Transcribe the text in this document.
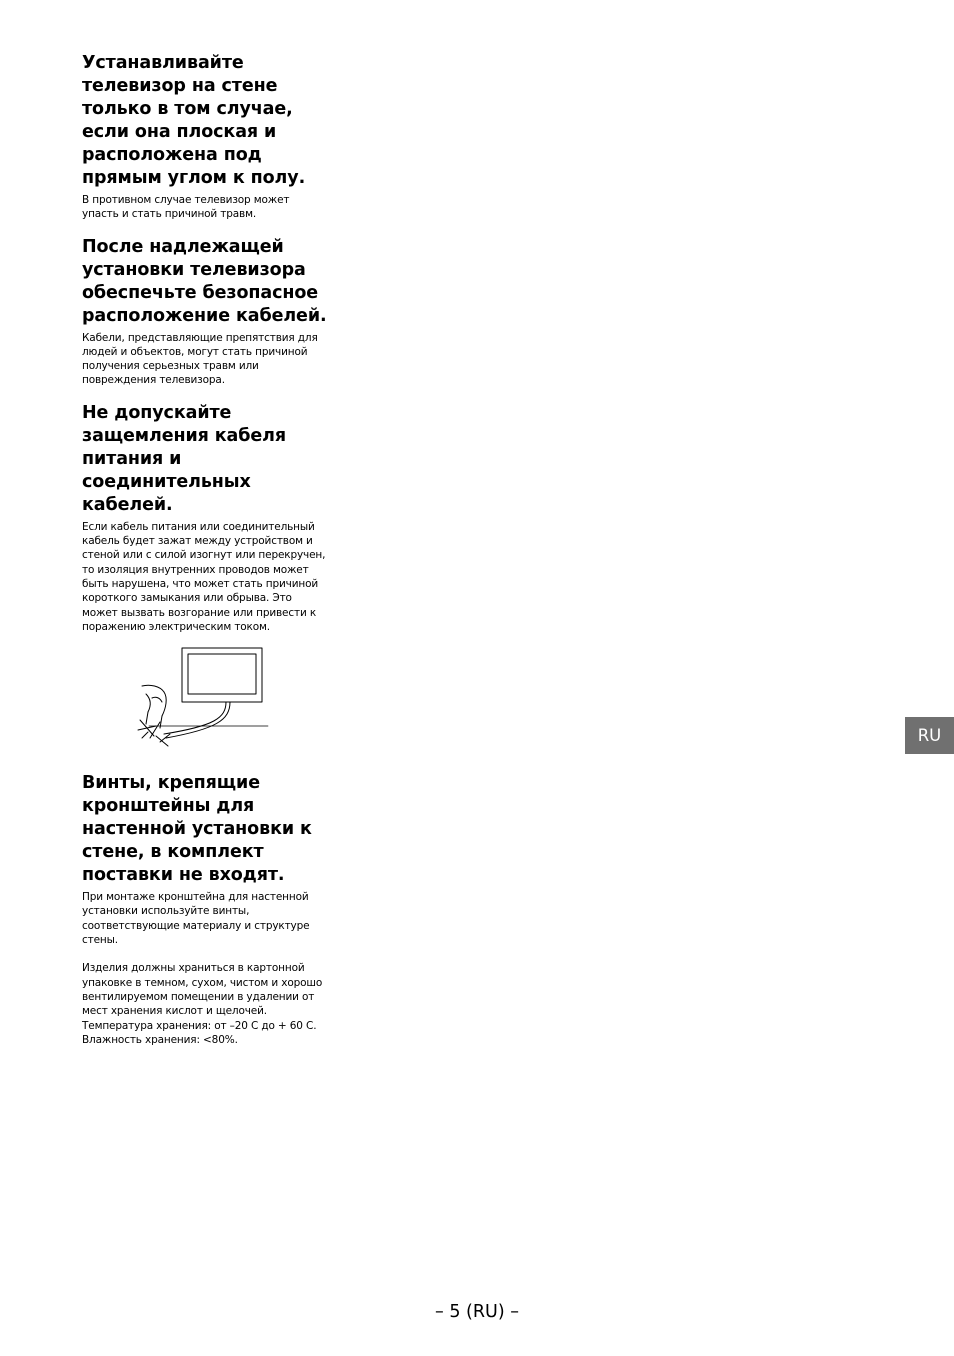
Устанавливайте телевизор на стене только в том случае, если она плоская и расположена под прямым углом к полу.

В противном случае телевизор может упасть и стать причиной травм.

После надлежащей установки телевизора обеспечьте безопасное расположение кабелей.

Кабели, представляющие препятствия для людей и объектов, могут стать причиной получения серьезных травм или повреждения телевизора.

Не допускайте защемления кабеля питания и соединительных кабелей.

Если кабель питания или соединительный кабель будет зажат между устройством и стеной или с силой изогнут или перекручен, то изоляция внутренних проводов может быть нарушена, что может стать причиной короткого замыкания или обрыва. Это может вызвать возгорание или привести к поражению электрическим током.

Винты, крепящие кронштейны для настенной установки к стене, в комплект поставки не входят.

При монтаже кронштейна для настенной установки используйте винты, соответствующие материалу и структуре стены.

Изделия должны храниться в картонной упаковке в темном, сухом, чистом и хорошо вентилируемом помещении в удалении от мест хранения кислот и щелочей. Температура хранения: от –20 С до + 60 С. Влажность хранения: <80%.

RU
– 5 (RU) –
